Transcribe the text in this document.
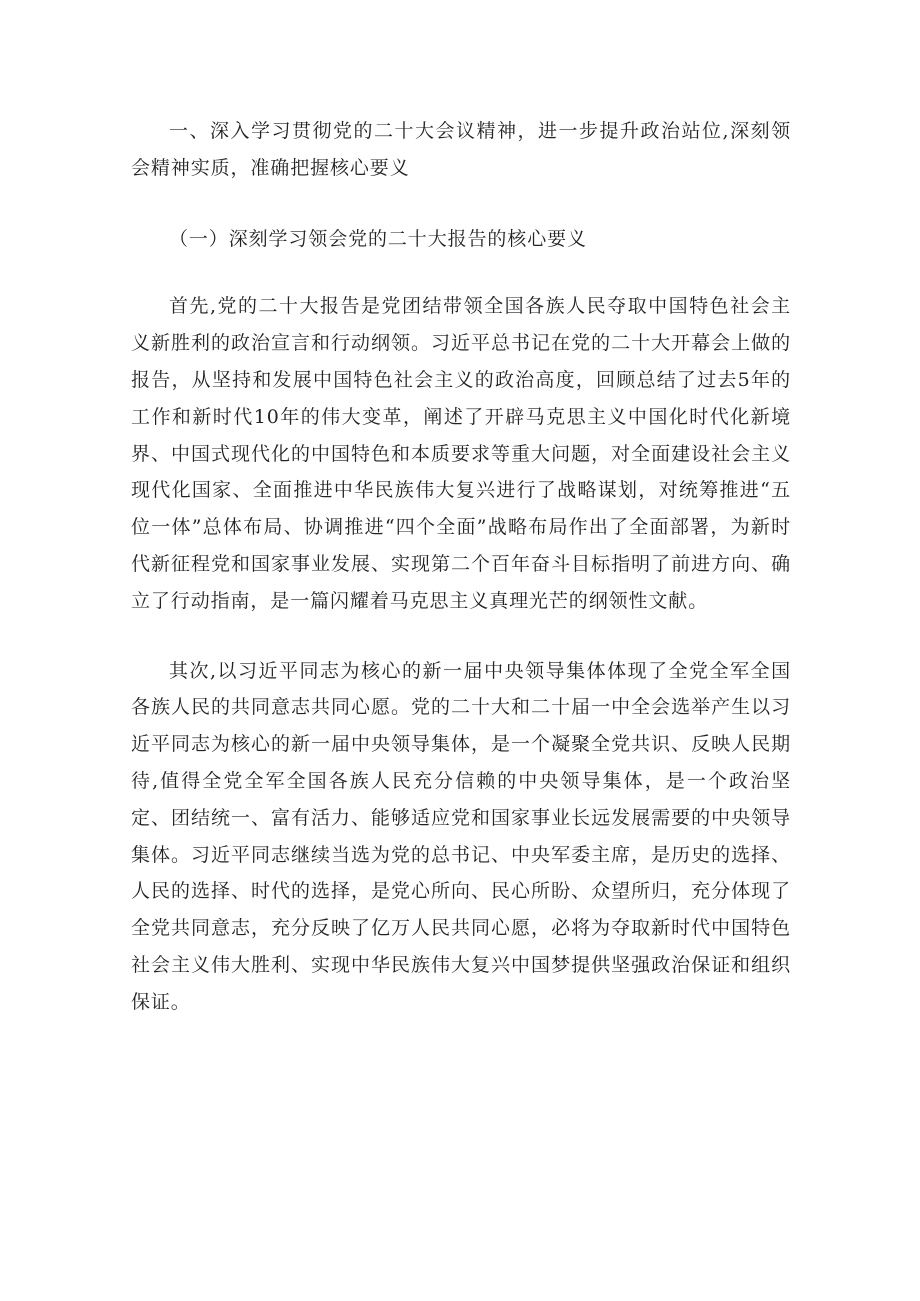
一、深入学习贯彻党的二十大会议精神，进一步提升政治站位,深刻领会精神实质，准确把握核心要义

（一）深刻学习领会党的二十大报告的核心要义

首先,党的二十大报告是党团结带领全国各族人民夺取中国特色社会主义新胜利的政治宣言和行动纲领。习近平总书记在党的二十大开幕会上做的报告，从坚持和发展中国特色社会主义的政治高度，回顾总结了过去5年的工作和新时代10年的伟大变革，阐述了开辟马克思主义中国化时代化新境界、中国式现代化的中国特色和本质要求等重大问题，对全面建设社会主义现代化国家、全面推进中华民族伟大复兴进行了战略谋划，对统筹推进“五位一体”总体布局、协调推进“四个全面”战略布局作出了全面部署，为新时代新征程党和国家事业发展、实现第二个百年奋斗目标指明了前进方向、确立了行动指南，是一篇闪耀着马克思主义真理光芒的纲领性文献。

其次,以习近平同志为核心的新一届中央领导集体体现了全党全军全国各族人民的共同意志共同心愿。党的二十大和二十届一中全会选举产生以习近平同志为核心的新一届中央领导集体，是一个凝聚全党共识、反映人民期待,值得全党全军全国各族人民充分信赖的中央领导集体，是一个政治坚定、团结统一、富有活力、能够适应党和国家事业长远发展需要的中央领导集体。习近平同志继续当选为党的总书记、中央军委主席，是历史的选择、人民的选择、时代的选择，是党心所向、民心所盼、众望所归，充分体现了全党共同意志，充分反映了亿万人民共同心愿，必将为夺取新时代中国特色社会主义伟大胜利、实现中华民族伟大复兴中国梦提供坚强政治保证和组织保证。
